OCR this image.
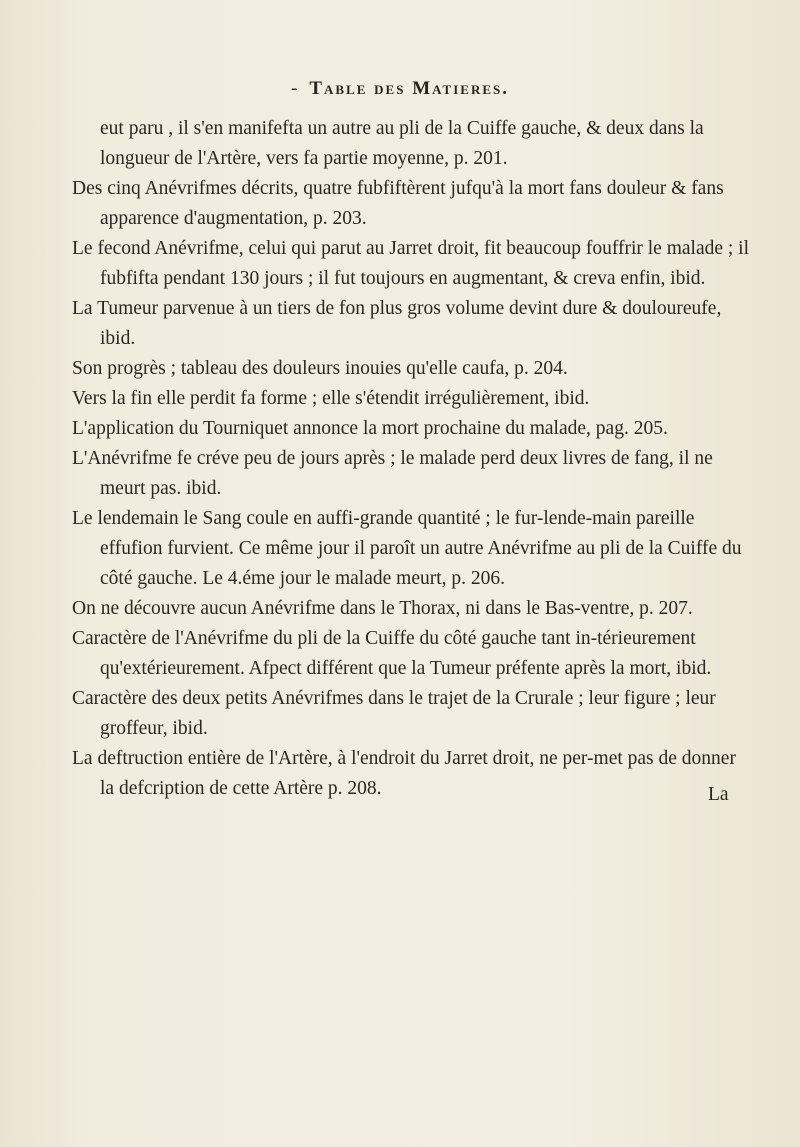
- Table des Matieres.

eut paru , il s'en manifefta un autre au pli de la Cuiffe gauche, & deux dans la longueur de l'Artère, vers fa partie moyenne, p. 201.

Des cinq Anévrifmes décrits, quatre fubfiftèrent jufqu'à la mort fans douleur & fans apparence d'augmentation, p. 203.

Le fecond Anévrifme, celui qui parut au Jarret droit, fit beaucoup fouffrir le malade ; il fubfifta pendant 130 jours ; il fut toujours en augmentant, & creva enfin, ibid.

La Tumeur parvenue à un tiers de fon plus gros volume devint dure & douloureufe, ibid.

Son progrès ; tableau des douleurs inouies qu'elle caufa, p. 204.

Vers la fin elle perdit fa forme ; elle s'étendit irrégulièrement, ibid.

L'application du Tourniquet annonce la mort prochaine du malade, pag. 205.

L'Anévrifme fe créve peu de jours après ; le malade perd deux livres de fang, il ne meurt pas. ibid.

Le lendemain le Sang coule en auffi-grande quantité ; le fur-lende-main pareille effufion furvient. Ce même jour il paroît un autre Anévrifme au pli de la Cuiffe du côté gauche. Le 4.éme jour le malade meurt, p. 206.

On ne découvre aucun Anévrifme dans le Thorax, ni dans le Bas-ventre, p. 207.

Caractère de l'Anévrifme du pli de la Cuiffe du côté gauche tant in-térieurement qu'extérieurement. Afpect différent que la Tumeur préfente après la mort, ibid.

Caractère des deux petits Anévrifmes dans le trajet de la Crurale ; leur figure ; leur groffeur, ibid.

La deftruction entière de l'Artère, à l'endroit du Jarret droit, ne per-met pas de donner la defcription de cette Artère p. 208.	La
